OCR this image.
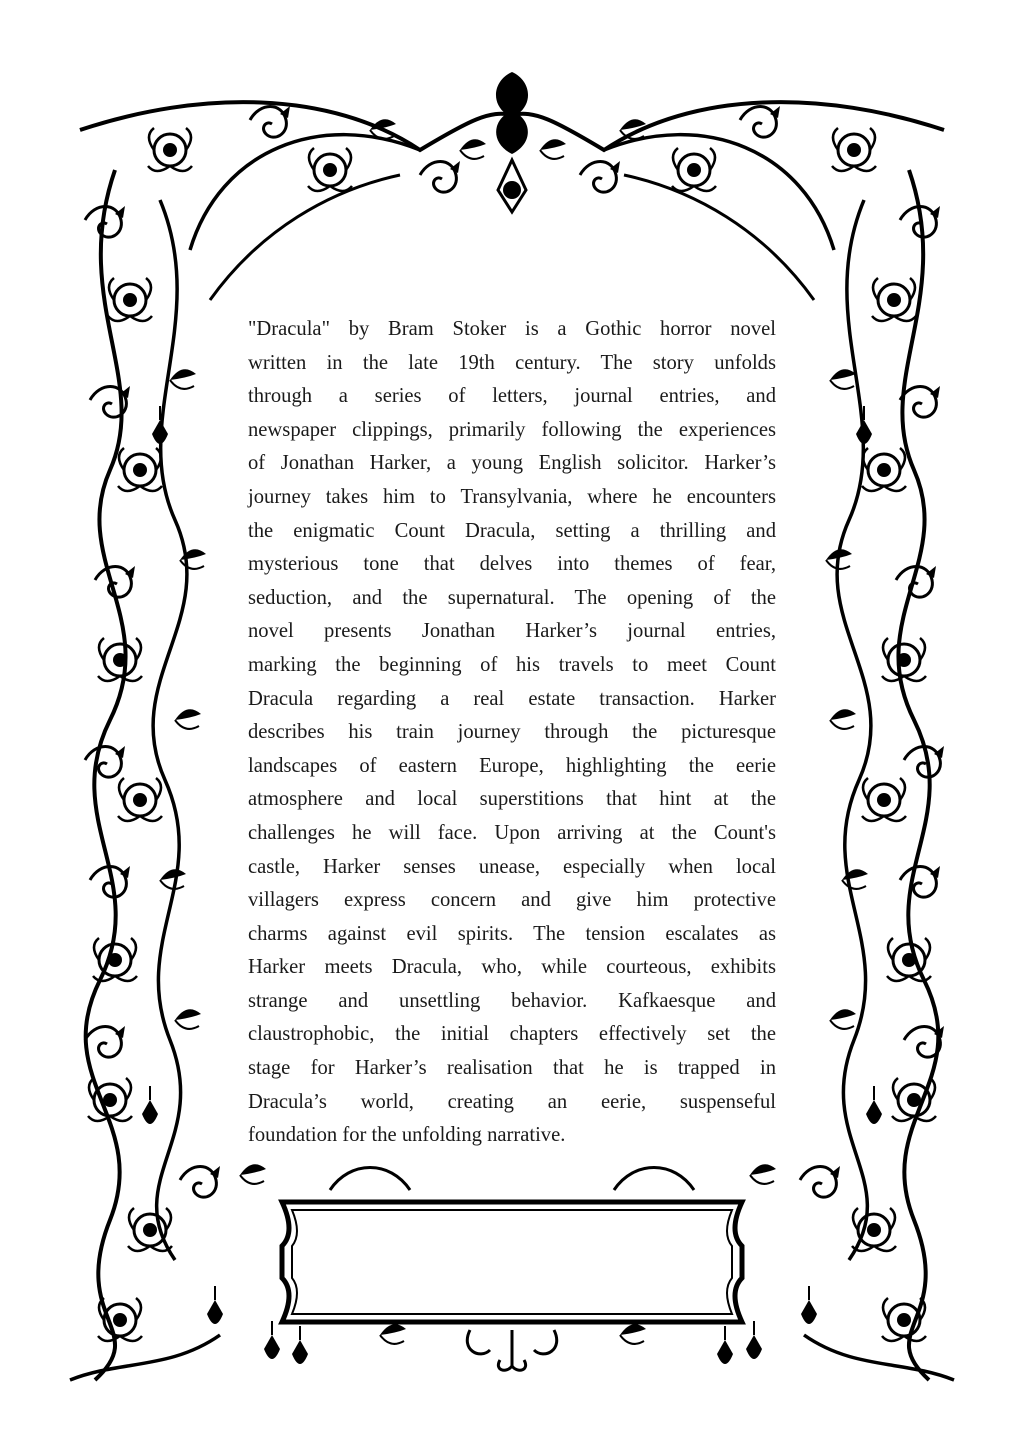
"Dracula" by Bram Stoker is a Gothic horror novel
written in the late 19th century. The story unfolds
through a series of letters, journal entries, and
newspaper clippings, primarily following the experiences
of Jonathan Harker, a young English solicitor. Harker’s
journey takes him to Transylvania, where he encounters
the enigmatic Count Dracula, setting a thrilling and
mysterious tone that delves into themes of fear,
seduction, and the supernatural. The opening of the
novel presents Jonathan Harker’s journal entries,
marking the beginning of his travels to meet Count
Dracula regarding a real estate transaction. Harker
describes his train journey through the picturesque
landscapes of eastern Europe, highlighting the eerie
atmosphere and local superstitions that hint at the
challenges he will face. Upon arriving at the Count's
castle, Harker senses unease, especially when local
villagers express concern and give him protective
charms against evil spirits. The tension escalates as
Harker meets Dracula, who, while courteous, exhibits
strange and unsettling behavior. Kafkaesque and
claustrophobic, the initial chapters effectively set the
stage for Harker’s realisation that he is trapped in
Dracula’s world, creating an eerie, suspenseful
foundation for the unfolding narrative.
